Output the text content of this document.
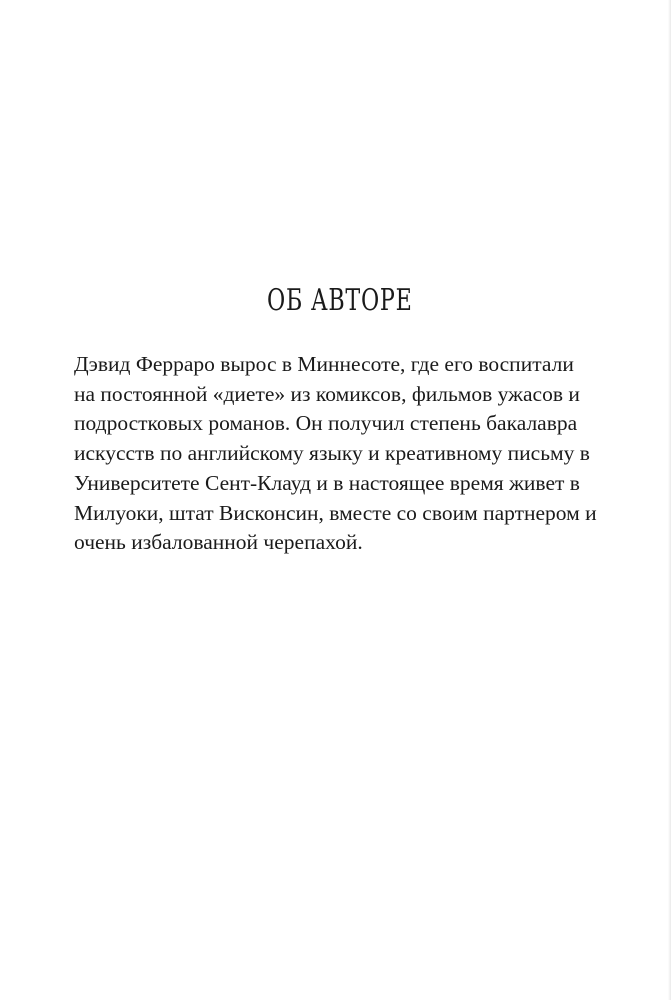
ОБ АВТОРЕ
Дэвид Ферраро вырос в Миннесоте, где его воспитали
на постоянной «диете» из комиксов, фильмов ужасов и
подростковых романов. Он получил степень бакалавра
искусств по английскому языку и креативному письму в
Университете Сент-Клауд и в настоящее время живет в
Милуоки, штат Висконсин, вместе со своим партнером и
очень избалованной черепахой.
